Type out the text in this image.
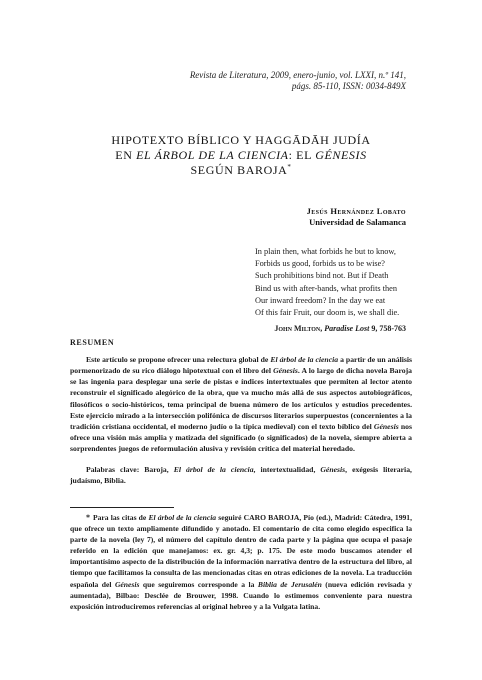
Revista de Literatura, 2009, enero-junio, vol. LXXI, n.º 141,
págs. 85-110, ISSN: 0034-849X
HIPOTEXTO BÍBLICO Y HAGGĀDĀH JUDÍA
EN EL ÁRBOL DE LA CIENCIA: EL GÉNESIS
SEGÚN BAROJA*
Jesús Hernández Lobato
Universidad de Salamanca
In plain then, what forbids he but to know,
Forbids us good, forbids us to be wise?
Such prohibitions bind not. But if Death
Bind us with after-bands, what profits then
Our inward freedom? In the day we eat
Of this fair Fruit, our doom is, we shall die.
John Milton, Paradise Lost 9, 758-763
RESUMEN
Este artículo se propone ofrecer una relectura global de El árbol de la ciencia a partir de un análisis pormenorizado de su rico diálogo hipotextual con el libro del Génesis. A lo largo de dicha novela Baroja se las ingenia para desplegar una serie de pistas e índices intertextuales que permiten al lector atento reconstruir el significado alegórico de la obra, que va mucho más allá de sus aspectos autobiográficos, filosóficos o socio-históricos, tema principal de buena número de los artículos y estudios precedentes. Este ejercicio mirado a la intersección polifónica de discursos literarios superpuestos (concernientes a la tradición cristiana occidental, el moderno judío o la típica medieval) con el texto bíblico del Génesis nos ofrece una visión más amplia y matizada del significado (o significados) de la novela, siempre abierta a sorprendentes juegos de reformulación alusiva y revisión crítica del material heredado.
Palabras clave: Baroja, El árbol de la ciencia, intertextualidad, Génesis, exégesis literaria, judaísmo, Biblia.
* Para las citas de El árbol de la ciencia seguiré CARO BAROJA, Pío (ed.), Madrid: Cátedra, 1991, que ofrece un texto ampliamente difundido y anotado. El comentario de cita como elegido especifica la parte de la novela (ley 7), el número del capítulo dentro de cada parte y la página que ocupa el pasaje referido en la edición que manejamos: ex. gr. 4,3; p. 175. De este modo buscamos atender el importantísimo aspecto de la distribución de la información narrativa dentro de la estructura del libro, al tiempo que facilitamos la consulta de las mencionadas citas en otras ediciones de la novela. La traducción española del Génesis que seguiremos corresponde a la Biblia de Jerusalén (nueva edición revisada y aumentada), Bilbao: Desclée de Brouwer, 1998. Cuando lo estimemos conveniente para nuestra exposición introduciremos referencias al original hebreo y a la Vulgata latina.
